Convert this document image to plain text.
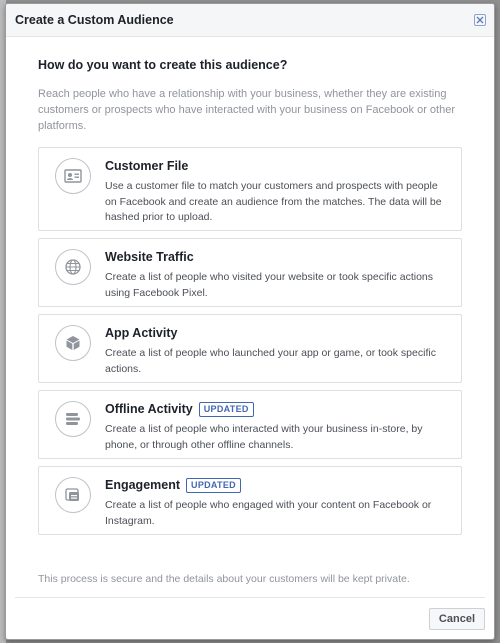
Create a Custom Audience
How do you want to create this audience?
Reach people who have a relationship with your business, whether they are existing customers or prospects who have interacted with your business on Facebook or other platforms.
Customer File
Use a customer file to match your customers and prospects with people on Facebook and create an audience from the matches. The data will be hashed prior to upload.
Website Traffic
Create a list of people who visited your website or took specific actions using Facebook Pixel.
App Activity
Create a list of people who launched your app or game, or took specific actions.
Offline Activity	UPDATED
Create a list of people who interacted with your business in-store, by phone, or through other offline channels.
Engagement	UPDATED
Create a list of people who engaged with your content on Facebook or Instagram.
This process is secure and the details about your customers will be kept private.
Cancel
